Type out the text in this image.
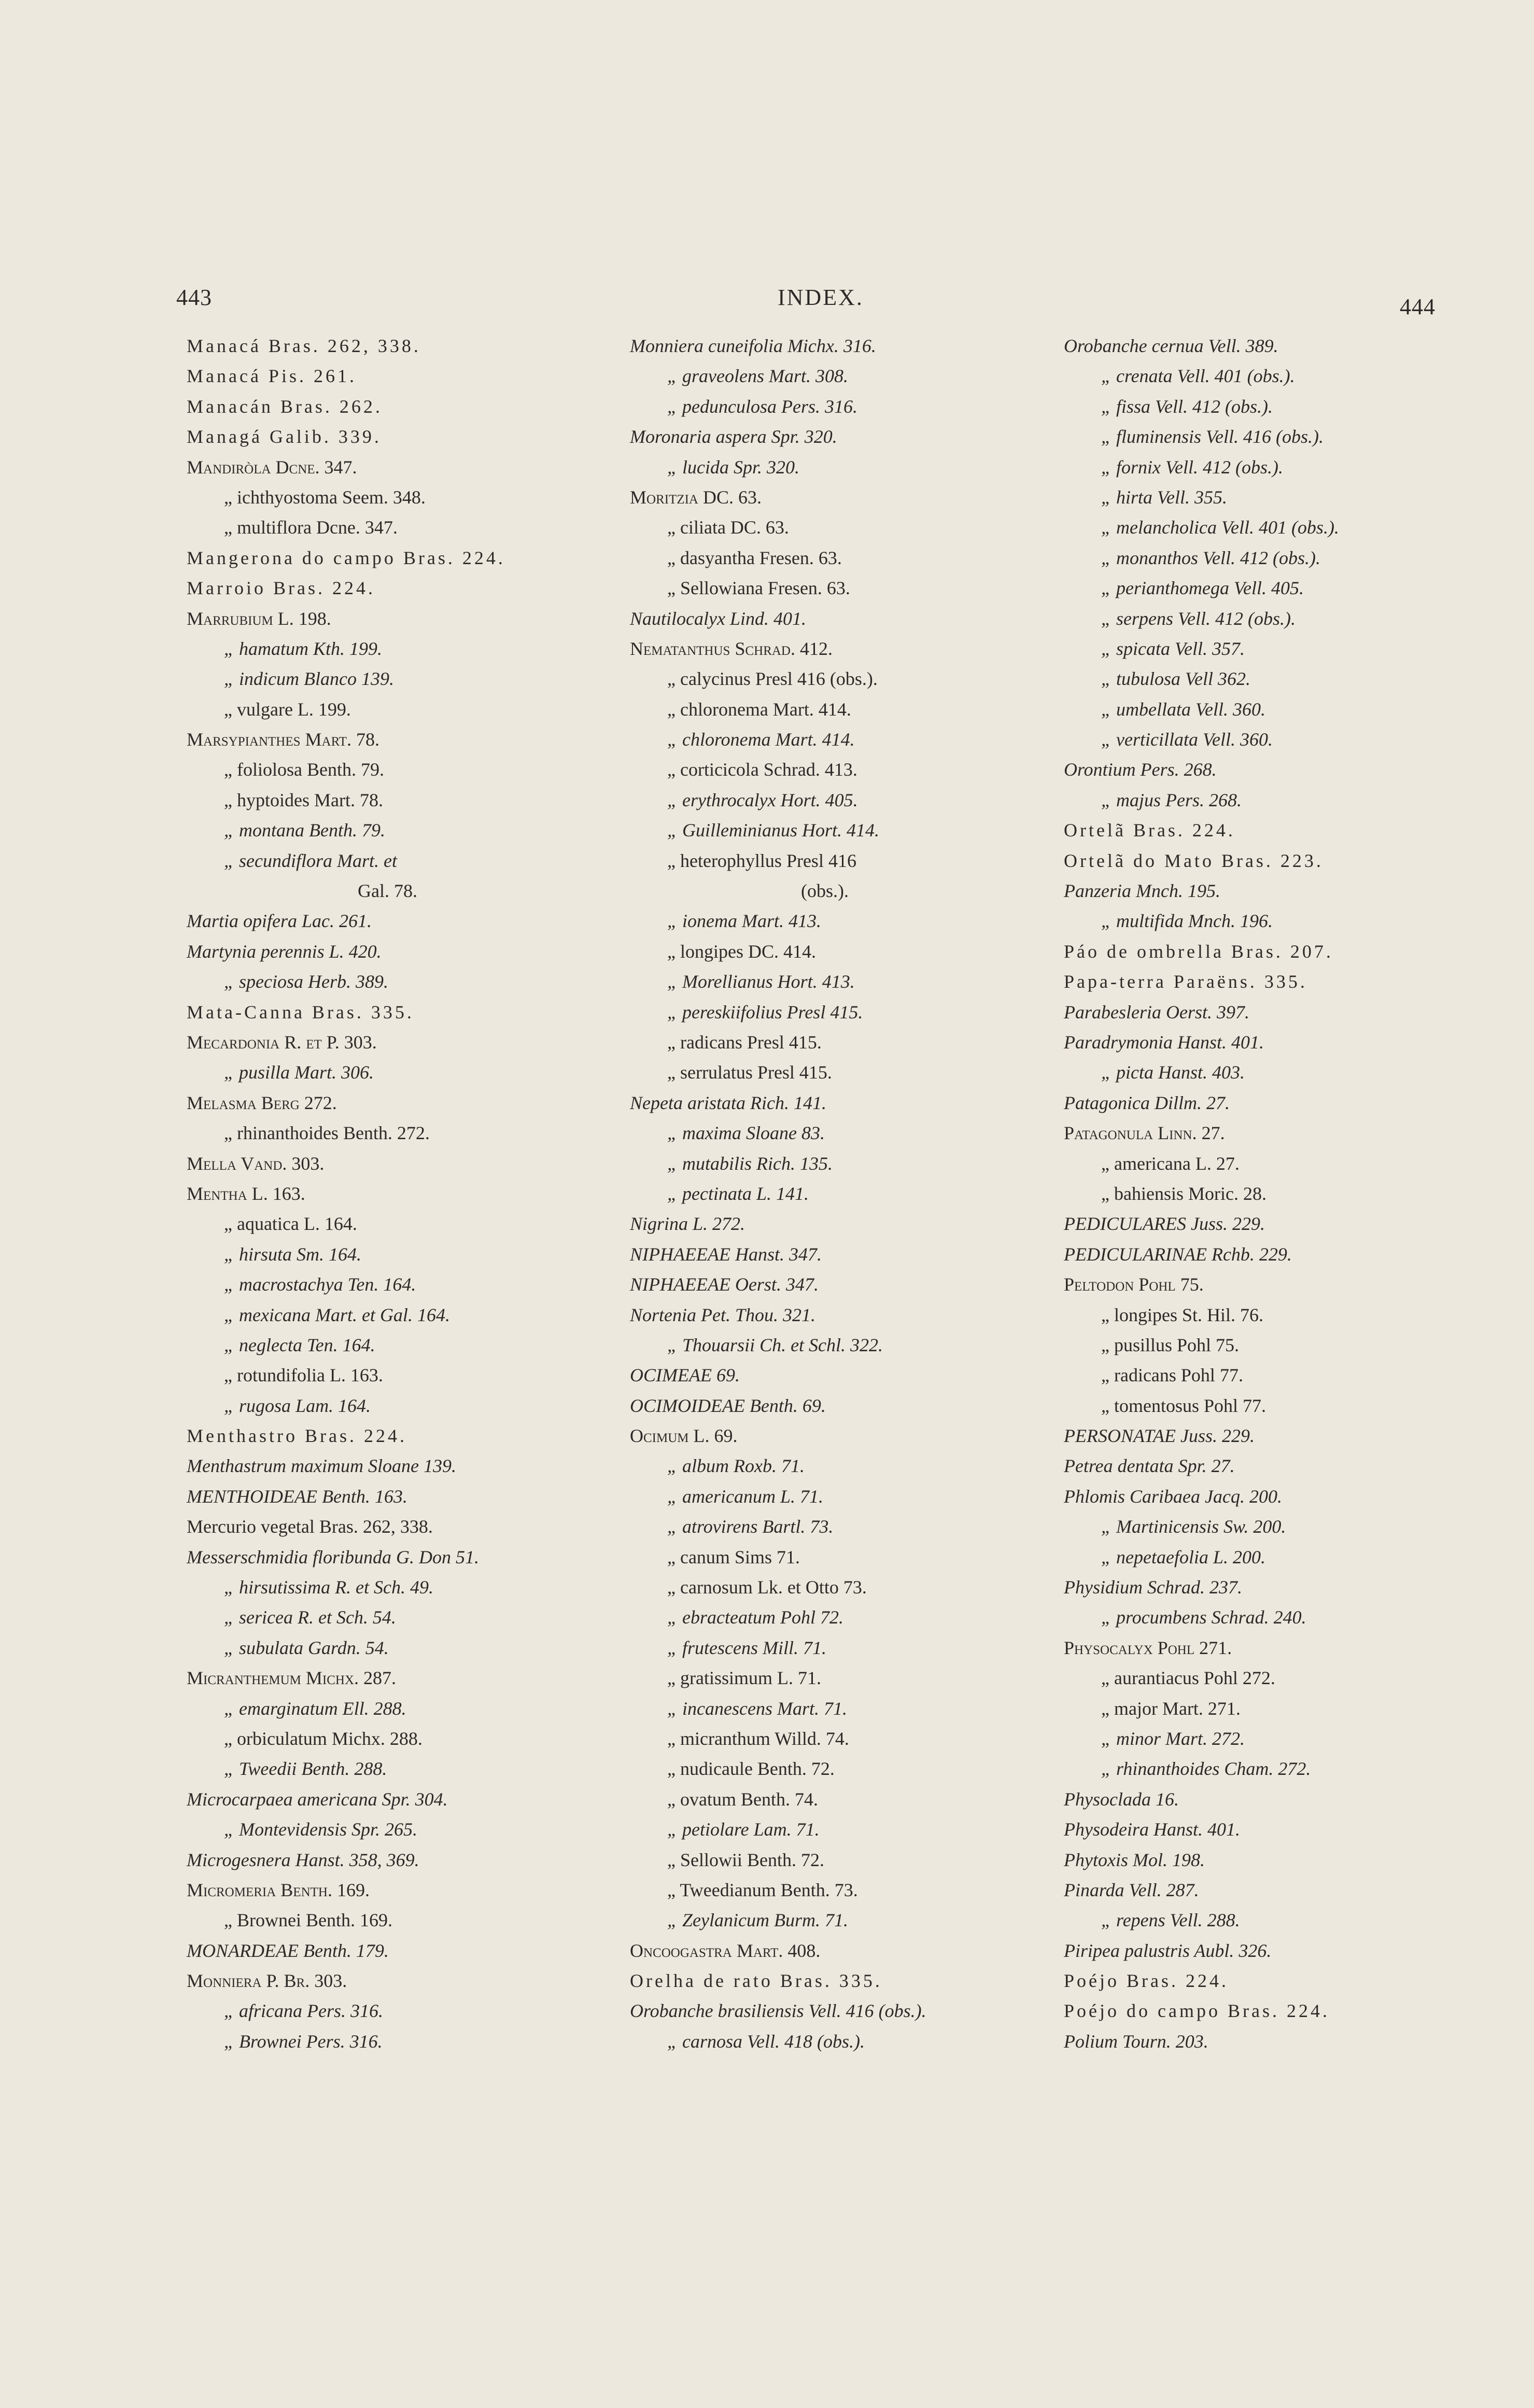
443	INDEX.	444
Manacá Bras. 262, 338.
Manacá Pis. 261.
Manacán Bras. 262.
Managá Galib. 339.
Mandiròla Dcne. 347.
„ ichthyostoma Seem. 348.
„ multiflora Dcne. 347.
Mangerona do campo Bras. 224.
Marroio Bras. 224.
Marrubium L. 198.
„ hamatum Kth. 199.
„ indicum Blanco 139.
„ vulgare L. 199.
Marsypianthes Mart. 78.
„ foliolosa Benth. 79.
„ hyptoides Mart. 78.
„ montana Benth. 79.
„ secundiflora Mart. et
Gal. 78.
Martia opifera Lac. 261.
Martynia perennis L. 420.
„ speciosa Herb. 389.
Mata-Canna Bras. 335.
Mecardonia R. et P. 303.
„ pusilla Mart. 306.
Melasma Berg 272.
„ rhinanthoides Benth. 272.
Mella Vand. 303.
Mentha L. 163.
„ aquatica L. 164.
„ hirsuta Sm. 164.
„ macrostachya Ten. 164.
„ mexicana Mart. et Gal. 164.
„ neglecta Ten. 164.
„ rotundifolia L. 163.
„ rugosa Lam. 164.
Menthastro Bras. 224.
Menthastrum maximum Sloane 139.
MENTHOIDEAE Benth. 163.
Mercurio vegetal Bras. 262, 338.
Messerschmidia floribunda G. Don 51.
„ hirsutissima R. et Sch. 49.
„ sericea R. et Sch. 54.
„ subulata Gardn. 54.
Micranthemum Michx. 287.
„ emarginatum Ell. 288.
„ orbiculatum Michx. 288.
„ Tweedii Benth. 288.
Microcarpaea americana Spr. 304.
„ Montevidensis Spr. 265.
Microgesnera Hanst. 358, 369.
Micromeria Benth. 169.
„ Brownei Benth. 169.
MONARDEAE Benth. 179.
Monniera P. Br. 303.
„ africana Pers. 316.
„ Brownei Pers. 316.
Monniera cuneifolia Michx. 316.
„ graveolens Mart. 308.
„ pedunculosa Pers. 316.
Moronaria aspera Spr. 320.
„ lucida Spr. 320.
Moritzia DC. 63.
„ ciliata DC. 63.
„ dasyantha Fresen. 63.
„ Sellowiana Fresen. 63.
Nautilocalyx Lind. 401.
Nematanthus Schrad. 412.
„ calycinus Presl 416 (obs.).
„ chloronema Mart. 414.
„ chloronema Mart. 414.
„ corticicola Schrad. 413.
„ erythrocalyx Hort. 405.
„ Guilleminianus Hort. 414.
„ heterophyllus Presl 416
(obs.).
„ ionema Mart. 413.
„ longipes DC. 414.
„ Morellianus Hort. 413.
„ pereskiifolius Presl 415.
„ radicans Presl 415.
„ serrulatus Presl 415.
Nepeta aristata Rich. 141.
„ maxima Sloane 83.
„ mutabilis Rich. 135.
„ pectinata L. 141.
Nigrina L. 272.
NIPHAEEAE Hanst. 347.
NIPHAEEAE Oerst. 347.
Nortenia Pet. Thou. 321.
„ Thouarsii Ch. et Schl. 322.
OCIMEAE 69.
OCIMOIDEAE Benth. 69.
Ocimum L. 69.
„ album Roxb. 71.
„ americanum L. 71.
„ atrovirens Bartl. 73.
„ canum Sims 71.
„ carnosum Lk. et Otto 73.
„ ebracteatum Pohl 72.
„ frutescens Mill. 71.
„ gratissimum L. 71.
„ incanescens Mart. 71.
„ micranthum Willd. 74.
„ nudicaule Benth. 72.
„ ovatum Benth. 74.
„ petiolare Lam. 71.
„ Sellowii Benth. 72.
„ Tweedianum Benth. 73.
„ Zeylanicum Burm. 71.
Oncoogastra Mart. 408.
Orelha de rato Bras. 335.
Orobanche brasiliensis Vell. 416 (obs.).
„ carnosa Vell. 418 (obs.).
Orobanche cernua Vell. 389.
„ crenata Vell. 401 (obs.).
„ fissa Vell. 412 (obs.).
„ fluminensis Vell. 416 (obs.).
„ fornix Vell. 412 (obs.).
„ hirta Vell. 355.
„ melancholica Vell. 401 (obs.).
„ monanthos Vell. 412 (obs.).
„ perianthomega Vell. 405.
„ serpens Vell. 412 (obs.).
„ spicata Vell. 357.
„ tubulosa Vell 362.
„ umbellata Vell. 360.
„ verticillata Vell. 360.
Orontium Pers. 268.
„ majus Pers. 268.
Ortelã Bras. 224.
Ortelã do Mato Bras. 223.
Panzeria Mnch. 195.
„ multifida Mnch. 196.
Páo de ombrella Bras. 207.
Papa-terra Paraëns. 335.
Parabesleria Oerst. 397.
Paradrymonia Hanst. 401.
„ picta Hanst. 403.
Patagonica Dillm. 27.
Patagonula Linn. 27.
„ americana L. 27.
„ bahiensis Moric. 28.
PEDICULARES Juss. 229.
PEDICULARINAE Rchb. 229.
Peltodon Pohl 75.
„ longipes St. Hil. 76.
„ pusillus Pohl 75.
„ radicans Pohl 77.
„ tomentosus Pohl 77.
PERSONATAE Juss. 229.
Petrea dentata Spr. 27.
Phlomis Caribaea Jacq. 200.
„ Martinicensis Sw. 200.
„ nepetaefolia L. 200.
Physidium Schrad. 237.
„ procumbens Schrad. 240.
Physocalyx Pohl 271.
„ aurantiacus Pohl 272.
„ major Mart. 271.
„ minor Mart. 272.
„ rhinanthoides Cham. 272.
Physoclada 16.
Physodeira Hanst. 401.
Phytoxis Mol. 198.
Pinarda Vell. 287.
„ repens Vell. 288.
Piripea palustris Aubl. 326.
Poéjo Bras. 224.
Poéjo do campo Bras. 224.
Polium Tourn. 203.
